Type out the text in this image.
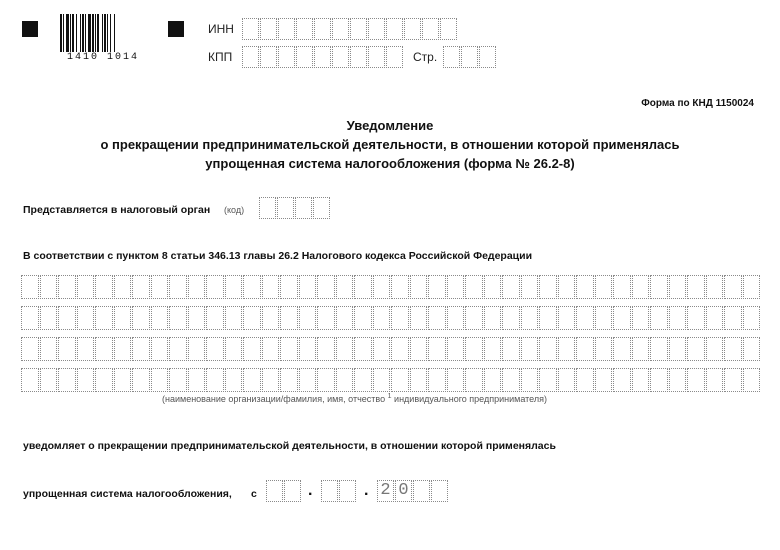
1410 1014
ИНН
КПП	Стр.
Форма по КНД 1150024
Уведомление
о прекращении предпринимательской деятельности, в отношении которой применялась
упрощенная система налогообложения (форма № 26.2-8)
Представляется в налоговый орган (код)
В соответствии с пунктом 8 статьи 346.13 главы 26.2 Налогового кодекса Российской Федерации
(наименование организации/фамилия, имя, отчество $^1$ индивидуального предпринимателя)
уведомляет о прекращении предпринимательской деятельности, в отношении которой применялась
упрощенная система налогообложения, с	.	. 2 0
